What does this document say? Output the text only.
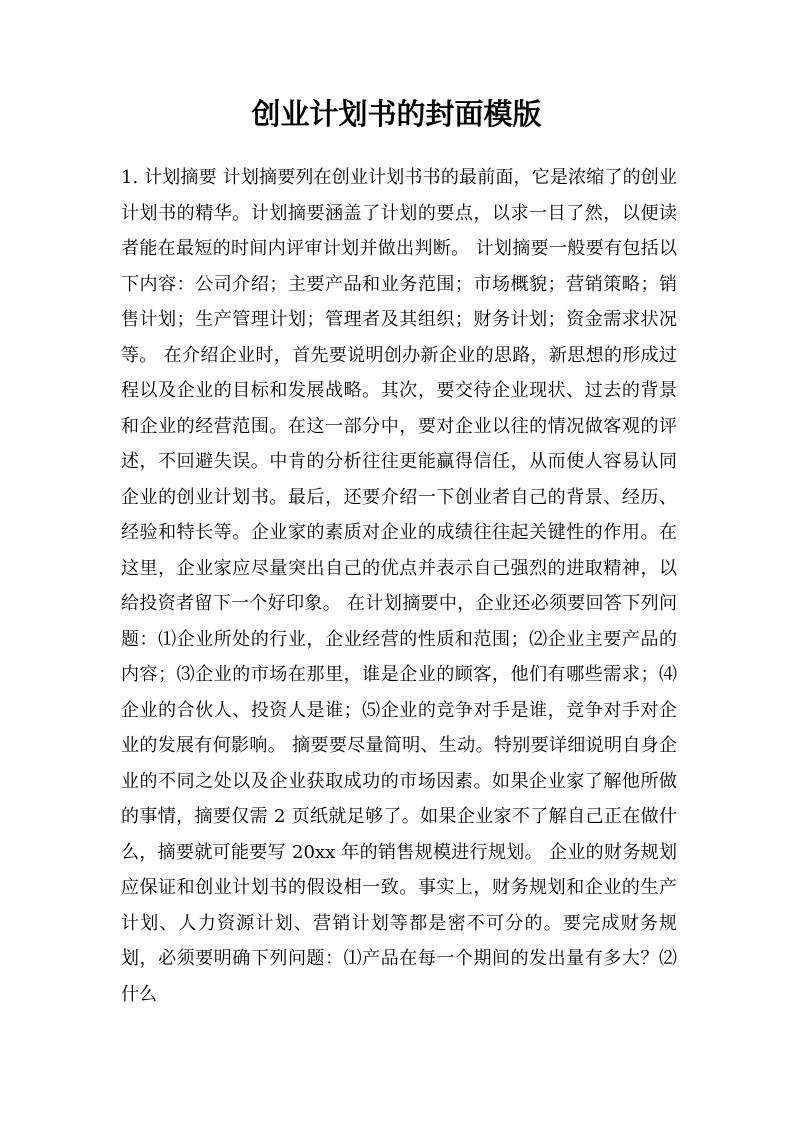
创业计划书的封面模版

1. 计划摘要 计划摘要列在创业计划书书的最前面，它是浓缩了的创业计划书的精华。计划摘要涵盖了计划的要点，以求一目了然，以便读者能在最短的时间内评审计划并做出判断。 计划摘要一般要有包括以下内容：公司介绍；主要产品和业务范围；市场概貌；营销策略；销售计划；生产管理计划；管理者及其组织；财务计划；资金需求状况等。 在介绍企业时，首先要说明创办新企业的思路，新思想的形成过程以及企业的目标和发展战略。其次，要交待企业现状、过去的背景和企业的经营范围。在这一部分中，要对企业以往的情况做客观的评述，不回避失误。中肯的分析往往更能赢得信任，从而使人容易认同企业的创业计划书。最后，还要介绍一下创业者自己的背景、经历、经验和特长等。企业家的素质对企业的成绩往往起关键性的作用。在这里，企业家应尽量突出自己的优点并表示自己强烈的进取精神，以给投资者留下一个好印象。 在计划摘要中，企业还必须要回答下列问题：⑴企业所处的行业，企业经营的性质和范围；⑵企业主要产品的内容；⑶企业的市场在那里，谁是企业的顾客，他们有哪些需求；⑷企业的合伙人、投资人是谁；⑸企业的竞争对手是谁，竞争对手对企业的发展有何影响。 摘要要尽量简明、生动。特别要详细说明自身企业的不同之处以及企业获取成功的市场因素。如果企业家了解他所做的事情，摘要仅需 2 页纸就足够了。如果企业家不了解自己正在做什么，摘要就可能要写 20xx 年的销售规模进行规划。 企业的财务规划应保证和创业计划书的假设相一致。事实上，财务规划和企业的生产计划、人力资源计划、营销计划等都是密不可分的。要完成财务规划，必须要明确下列问题：⑴产品在每一个期间的发出量有多大？⑵什么
